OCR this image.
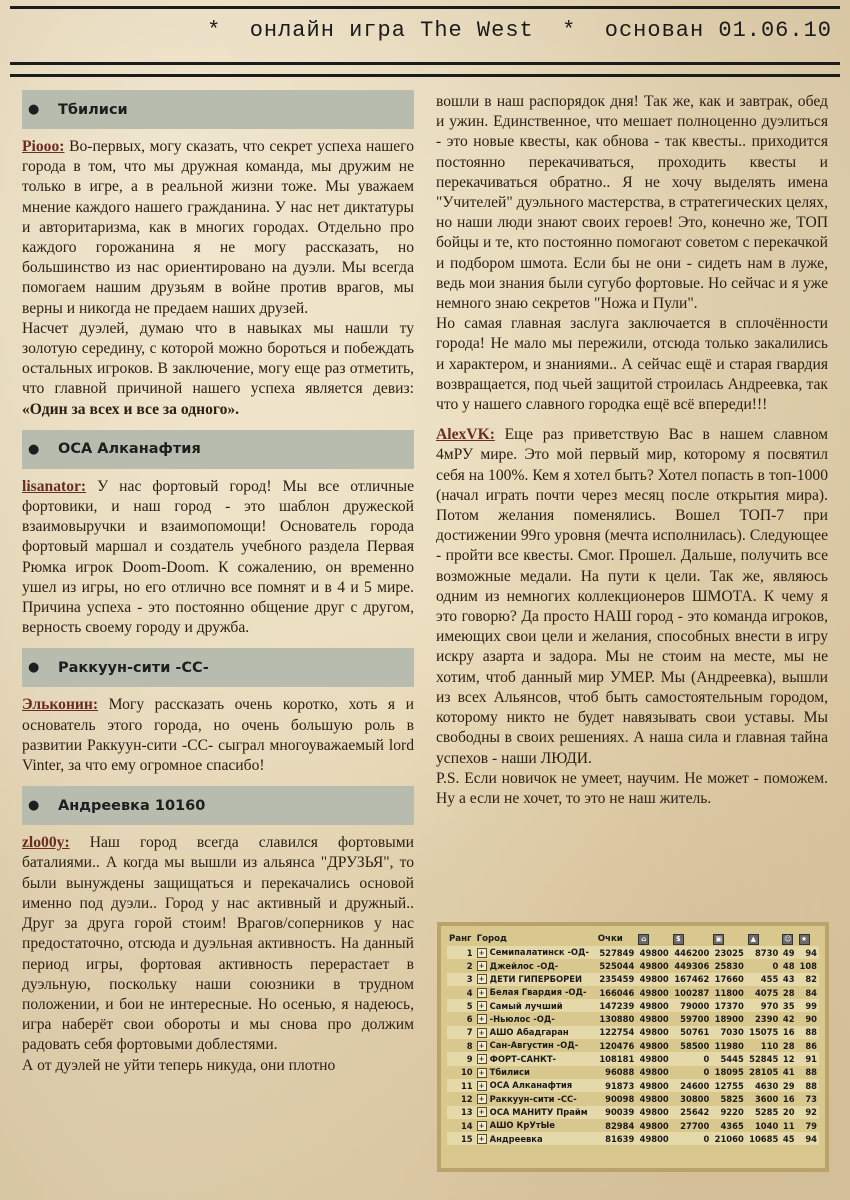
*  онлайн игра The West  *  основан 01.06.10
●	Тбилиси

Piooo: Во-первых, могу сказать, что секрет успеха нашего города в том, что мы дружная команда, мы дружим не только в игре, а в реальной жизни тоже. Мы уважаем мнение каждого нашего гражданина. У нас нет диктатуры и авторитаризма, как в многих городах. Отдельно про каждого горожанина я не могу рассказать, но большинство из нас ориентировано на дуэли. Мы всегда помогаем нашим друзьям в войне против врагов, мы верны и никогда не предаем наших друзей.

Насчет дуэлей, думаю что в навыках мы нашли ту золотую середину, с которой можно бороться и побеждать остальных игроков. В заключение, могу еще раз отметить, что главной причиной нашего успеха является девиз: «Один за всех и все за одного».

●	ОСА Алканафтия

lisanator: У нас фортовый город! Мы все отличные фортовики, и наш город - это шаблон дружеской взаимовыручки и взаимопомощи! Основатель города фортовый маршал и создатель учебного раздела Первая Рюмка игрок Doom-Doom. К сожалению, он временно ушел из игры, но его отлично все помнят и в 4 и 5 мире. Причина успеха - это постоянно общение друг с другом, верность своему городу и дружба.

●	Раккуун-сити -СС-

Эльконин: Могу рассказать очень коротко, хоть я и основатель этого города, но очень большую роль в развитии Раккуун-сити -СС- сыграл многоуважаемый lord Vinter, за что ему огромное спасибо!

●	Андреевка 10160

zlo00y: Наш город всегда славился фортовыми баталиями.. А когда мы вышли из альянса "ДРУЗЬЯ", то были вынуждены защищаться и перекачались основой именно под дуэли.. Город у нас активный и дружный.. Друг за друга горой стоим! Врагов/соперников у нас предостаточно, отсюда и дуэльная активность. На данный период игры, фортовая активность перерастает в дуэльную, поскольку наши союзники в трудном положении, и бои не интересные. Но осенью, я надеюсь, игра наберёт свои обороты и мы снова про должим радовать себя фортовыми доблестями.

А от дуэлей не уйти теперь никуда, они плотно

вошли в наш распорядок дня! Так же, как и завтрак, обед и ужин. Единственное, что мешает полноценно дуэлиться - это новые квесты, как обнова - так квесты.. приходится постоянно перекачиваться, проходить квесты и перекачиваться обратно.. Я не хочу выделять имена "Учителей" дуэльного мастерства, в стратегических целях, но наши люди знают своих героев! Это, конечно же, ТОП бойцы и те, кто постоянно помогают советом с перекачкой и подбором шмота. Если бы не они - сидеть нам в луже, ведь мои знания были сугубо фортовые. Но сейчас и я уже немного знаю секретов "Ножа и Пули".

Но самая главная заслуга заключается в сплочённости города! Не мало мы пережили, отсюда только закалились и характером, и знаниями.. А сейчас ещё и старая гвардия возвращается, под чьей защитой строилась Андреевка, так что у нашего славного городка ещё всё впереди!!!

AlexVK: Еще раз приветствую Вас в нашем славном 4мРУ мире. Это мой первый мир, которому я посвятил себя на 100%. Кем я хотел быть? Хотел попасть в топ-1000 (начал играть почти через месяц после открытия мира). Потом желания поменялись. Вошел ТОП-7 при достижении 99го уровня (мечта исполнилась). Следующее - пройти все квесты. Смог. Прошел. Дальше, получить все возможные медали. На пути к цели. Так же, являюсь одним из немногих коллекционеров ШМОТА. К чему я это говорю? Да просто НАШ город - это команда игроков, имеющих свои цели и желания, способных внести в игру искру азарта и задора. Мы не стоим на месте, мы не хотим, чтоб данный мир УМЕР. Мы (Андреевка), вышли из всех Альянсов, чтоб быть самостоятельным городом, которому никто не будет навязывать свои уставы. Мы свободны в своих решениях. А наша сила и главная тайна успехов - наши ЛЮДИ.

P.S. Если новичок не умеет, научим. Не может - поможем. Ну а если не хочет, то это не наш житель.

Ранг	Город	Очки	⌂	$	▣	▲	☺	★
1	+ Семипалатинск -ОД-	527849	49800	446200	23025	8730	49	94
2	+ Джейлос -ОД-	525044	49800	449306	25830	0	48	108
3	+ ДЕТИ ГИПЕРБОРЕИ	235459	49800	167462	17660	455	43	82
4	+ Белая Гвардия -ОД-	166046	49800	100287	11800	4075	28	84
5	+ Самый лучший	147239	49800	79000	17370	970	35	99
6	+ -Ньюлос -ОД-	130880	49800	59700	18900	2390	42	90
7	+ АШО Абадгаран	122754	49800	50761	7030	15075	16	88
8	+ Сан-Августин -ОД-	120476	49800	58500	11980	110	28	86
9	+ ФОРТ-САНКТ-	108181	49800	0	5445	52845	12	91
10	+ Тбилиси	96088	49800	0	18095	28105	41	88
11	+ ОСА Алканафтия	91873	49800	24600	12755	4630	29	88
12	+ Раккуун-сити -СС-	90098	49800	30800	5825	3600	16	73
13	+ ОСА МАНИТУ Прайм	90039	49800	25642	9220	5285	20	92
14	+ АШО КрУтЫе	82984	49800	27700	4365	1040	11	79
15	+ Андреевка	81639	49800	0	21060	10685	45	94
